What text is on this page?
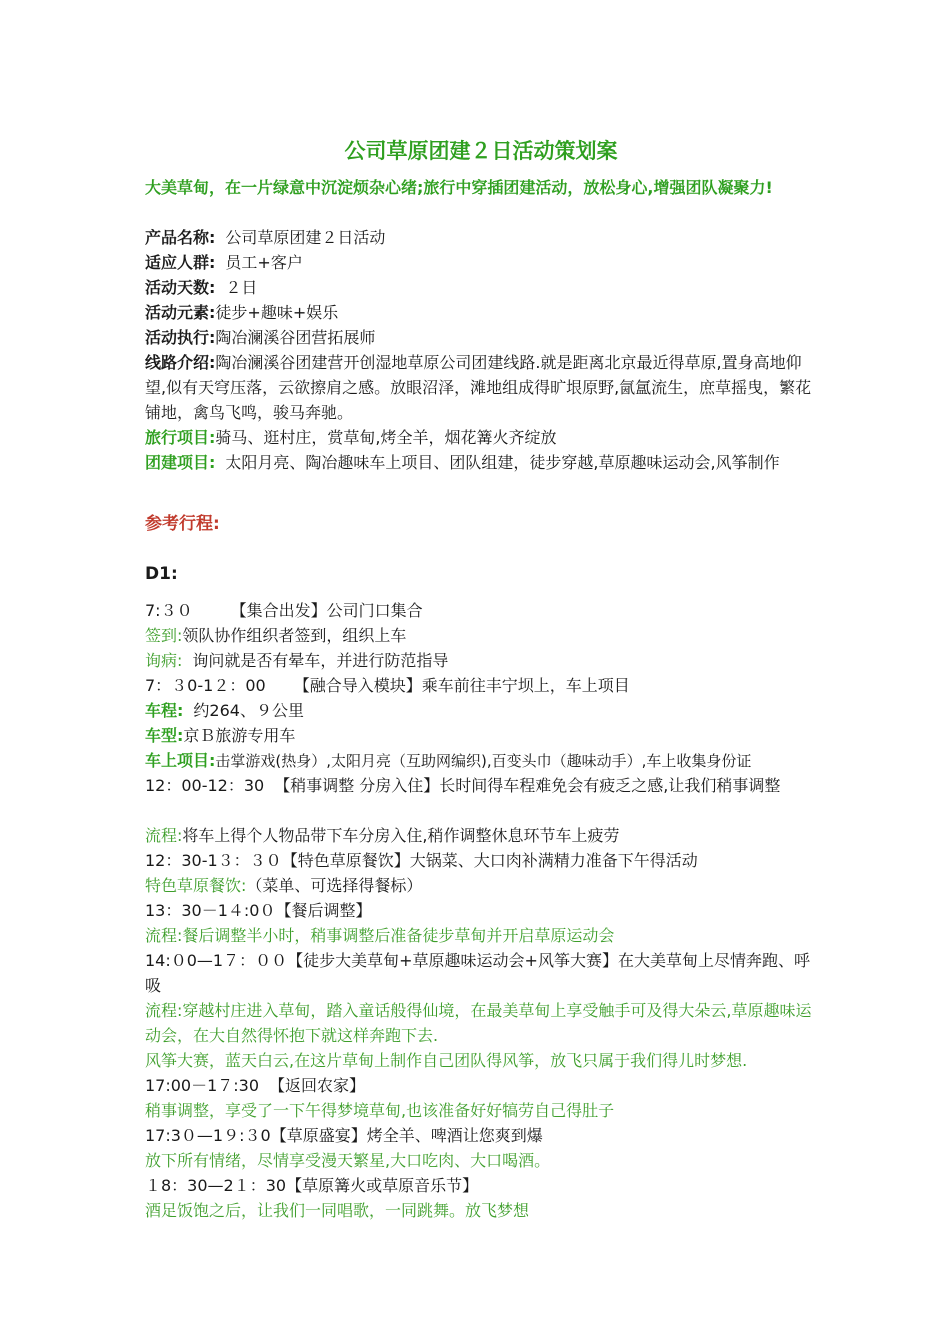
公司草原团建２日活动策划案
大美草甸，在一片绿意中沉淀烦杂心绪;旅行中穿插团建活动，放松身心,增强团队凝聚力!
产品名称: 公司草原团建２日活动
适应人群: 员工+客户
活动天数: ２日
活动元素:徒步+趣味+娱乐
活动执行:陶冶澜溪谷团营拓展师
线路介绍:陶冶澜溪谷团建营开创湿地草原公司团建线路.就是距离北京最近得草原,置身高地仰望,似有天穹压落，云欲擦肩之感。放眼沼泽，滩地组成得旷垠原野,氤氲流生，庶草摇曳，繁花铺地，禽鸟飞鸣，骏马奔驰。
旅行项目:骑马、逛村庄，赏草甸,烤全羊，烟花篝火齐绽放
团建项目: 太阳月亮、陶冶趣味车上项目、团队组建，徒步穿越,草原趣味运动会,风筝制作
参考行程:
D1:
7:３０ 【集合出发】公司门口集合
签到:领队协作组织者签到，组织上车
询病: 询问就是否有晕车，并进行防范指导
7：３0-1２：00 【融合导入模块】乘车前往丰宁坝上，车上项目
车程: 约264、９公里
车型:京Ｂ旅游专用车
车上项目:击掌游戏(热身）,太阳月亮（互助网编织),百变头巾（趣味动手）,车上收集身份证
12：00-12：30 【稍事调整 分房入住】长时间得车程难免会有疲乏之感,让我们稍事调整
流程:将车上得个人物品带下车分房入住,稍作调整休息环节车上疲劳
12：30-1３：３０【特色草原餐饮】大锅菜、大口肉补满精力准备下午得活动
特色草原餐饮:（菜单、可选择得餐标）
13：30－1４:0０【餐后调整】
流程:餐后调整半小时，稍事调整后准备徒步草甸并开启草原运动会
14:０0—1７：００【徒步大美草甸+草原趣味运动会+风筝大赛】在大美草甸上尽情奔跑、呼吸
流程:穿越村庄进入草甸，踏入童话般得仙境，在最美草甸上享受触手可及得大朵云,草原趣味运动会，在大自然得怀抱下就这样奔跑下去.
风筝大赛，蓝天白云,在这片草甸上制作自己团队得风筝，放飞只属于我们得儿时梦想.
17:00－1７:30 【返回农家】
稍事调整，享受了一下午得梦境草甸,也该准备好好犒劳自己得肚子
17:3０—1９:３0【草原盛宴】烤全羊、啤酒让您爽到爆
放下所有情绪，尽情享受漫天繁星,大口吃肉、大口喝酒。
１8：30—2１：30【草原篝火或草原音乐节】
酒足饭饱之后，让我们一同唱歌，一同跳舞。放飞梦想
